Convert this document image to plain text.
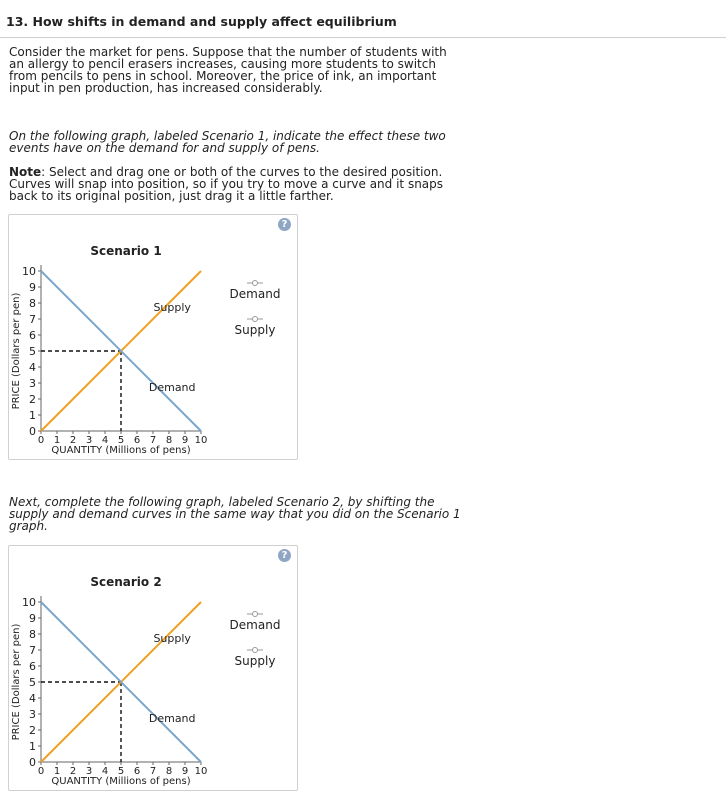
13. How shifts in demand and supply affect equilibrium
Consider the market for pens. Suppose that the number of students with an allergy to pencil erasers increases, causing more students to switch from pencils to pens in school. Moreover, the price of ink, an important input in pen production, has increased considerably.
On the following graph, labeled Scenario 1, indicate the effect these two events have on the demand for and supply of pens.
Note: Select and drag one or both of the curves to the desired position. Curves will snap into position, so if you try to move a curve and it snaps back to its original position, just drag it a little farther.
Scenario 1
0
1
2
3
4
5
6
7
8
9
10
0 1 2 3 4 5 6 7 8 9 10
QUANTITY (Millions of pens)
PRICE (Dollars per pen)	Supply
Demand
Demand
Supply
?
Next, complete the following graph, labeled Scenario 2, by shifting the supply and demand curves in the same way that you did on the Scenario 1 graph.
Scenario 2
0
1
2
3
4
5
6
7
8
9
10
0 1 2 3 4 5 6 7 8 9 10
QUANTITY (Millions of pens)
PRICE (Dollars per pen)	Supply
Demand
Demand
Supply
?
